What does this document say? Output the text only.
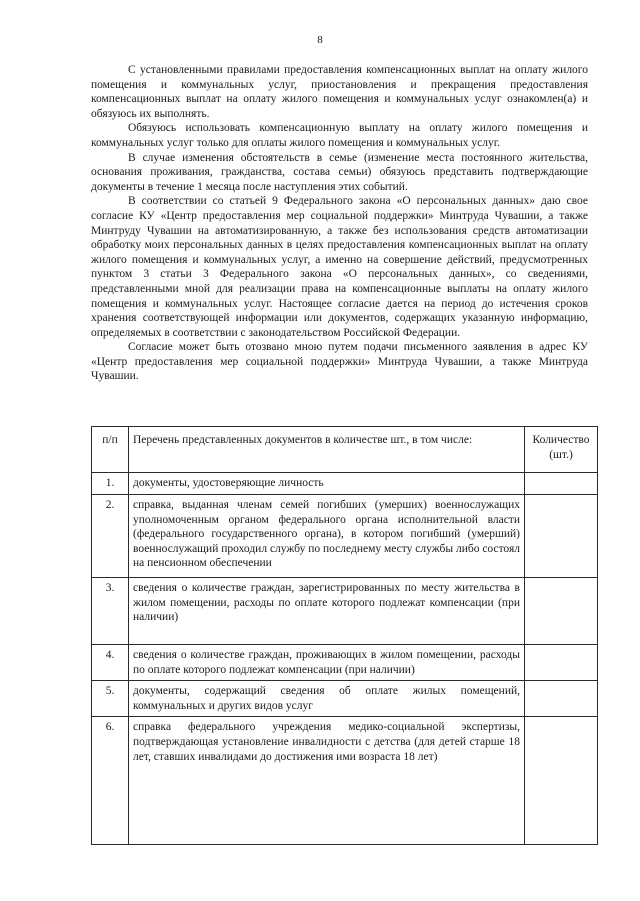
8

С установленными правилами предоставления компенсационных выплат на оплату жилого помещения и коммунальных услуг, приостановления и прекращения предоставления компенсационных выплат на оплату жилого помещения и коммунальных услуг ознакомлен(а) и обязуюсь их выполнять.

Обязуюсь использовать компенсационную выплату на оплату жилого помещения и коммунальных услуг только для оплаты жилого помещения и коммунальных услуг.

В случае изменения обстоятельств в семье (изменение места постоянного жительства, основания проживания, гражданства, состава семьи) обязуюсь представить подтверждающие документы в течение 1 месяца после наступления этих событий.

В соответствии со статьей 9 Федерального закона «О персональных данных» даю свое согласие КУ «Центр предоставления мер социальной поддержки» Минтруда Чувашии, а также Минтруду Чувашии на автоматизированную, а также без использования средств автоматизации обработку моих персональных данных в целях предоставления компенсационных выплат на оплату жилого помещения и коммунальных услуг, а именно на совершение действий, предусмотренных пунктом 3 статьи 3 Федерального закона «О персональных данных», со сведениями, представленными мной для реализации права на компенсационные выплаты на оплату жилого помещения и коммунальных услуг. Настоящее согласие дается на период до истечения сроков хранения соответствующей информации или документов, содержащих указанную информацию, определяемых в соответствии с законодательством Российской Федерации.

Согласие может быть отозвано мною путем подачи письменного заявления в адрес КУ «Центр предоставления мер социальной поддержки» Минтруда Чувашии, а также Минтруда Чувашии.

п/п	Перечень представленных документов в количестве шт., в том числе:	Количество (шт.)
1.	документы, удостоверяющие личность	
2.	справка, выданная членам семей погибших (умерших) военнослужащих уполномоченным органом федерального органа исполнительной власти (федерального государственного органа), в котором погибший (умерший) военнослужащий проходил службу по последнему месту службы либо состоял на пенсионном обеспечении	
3.	сведения о количестве граждан, зарегистрированных по месту жительства в жилом помещении, расходы по оплате которого подлежат компенсации (при наличии)	
4.	сведения о количестве граждан, проживающих в жилом помещении, расходы по оплате которого подлежат компенсации (при наличии)	
5.	документы, содержащий сведения об оплате жилых помещений, коммунальных и других видов услуг	
6.	справка федерального учреждения медико-социальной экспертизы, подтверждающая установление инвалидности с детства (для детей старше 18 лет, ставших инвалидами до достижения ими возраста 18 лет)	
